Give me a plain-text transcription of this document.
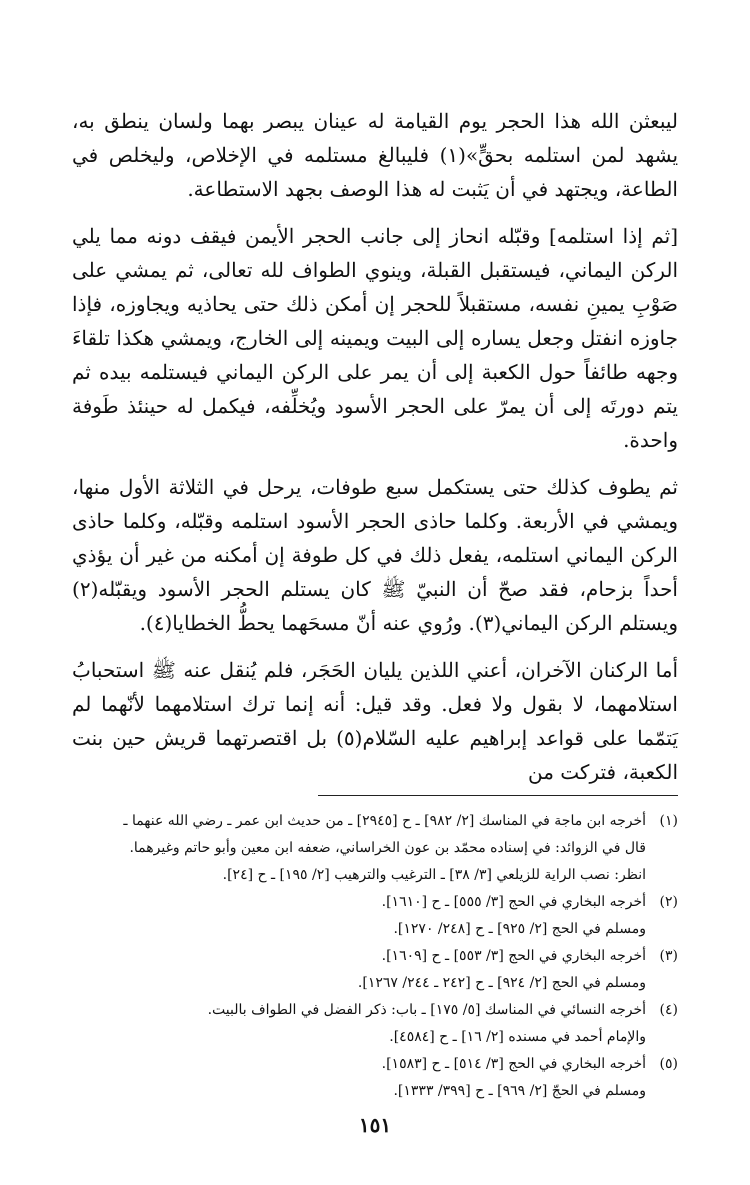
ليبعثن الله هذا الحجر يوم القيامة له عينان يبصر بهما ولسان ينطق به، يشهد لمن استلمه بحقٍّ»(١) فليبالغ مستلمه في الإخلاص، وليخلص في الطاعة، ويجتهد في أن يَثبت له هذا الوصف بجهد الاستطاعة.

[ثم إذا استلمه] وقبّله انحاز إلى جانب الحجر الأيمن فيقف دونه مما يلي الركن اليماني، فيستقبل القبلة، وينوي الطواف لله تعالى، ثم يمشي على صَوْبِ يمينِ نفسه، مستقبلاً للحجر إن أمكن ذلك حتى يحاذيه ويجاوزه، فإذا جاوزه انفتل وجعل يساره إلى البيت ويمينه إلى الخارج، ويمشي هكذا تلقاءَ وجهه طائفاً حول الكعبة إلى أن يمر على الركن اليماني فيستلمه بيده ثم يتم دورتَه إلى أن يمرّ على الحجر الأسود ويُخلِّفه، فيكمل له حينئذ طَوفة واحدة.

ثم يطوف كذلك حتى يستكمل سبع طوفات، يرحل في الثلاثة الأول منها، ويمشي في الأربعة. وكلما حاذى الحجر الأسود استلمه وقبّله، وكلما حاذى الركن اليماني استلمه، يفعل ذلك في كل طوفة إن أمكنه من غير أن يؤذي أحداً بزحام، فقد صحّ أن النبيّ ﷺ كان يستلم الحجر الأسود ويقبّله(٢) ويستلم الركن اليماني(٣). ورُوي عنه أنّ مسحَهما يحطُّ الخطايا(٤).

أما الركنان الآخران، أعني اللذين يليان الحَجَر، فلم يُنقل عنه ﷺ استحبابُ استلامهما، لا بقول ولا فعل. وقد قيل: أنه إنما ترك استلامهما لأنّهما لم يَتمّما على قواعد إبراهيم عليه السّلام(٥) بل اقتصرتهما قريش حين بنت الكعبة، فتركت من

(١)
أخرجه ابن ماجة في المناسك [٢/ ٩٨٢] ـ ح [٢٩٤٥] ـ من حديث ابن عمر ـ رضي الله عنهما ـ
قال في الزوائد: في إسناده محمّد بن عون الخراساني، ضعفه ابن معين وأبو حاتم وغيرهما.
انظر: نصب الراية للزيلعي [٣/ ٣٨] ـ الترغيب والترهيب [٢/ ١٩٥] ـ ح [٢٤].
(٢)
أخرجه البخاري في الحج [٣/ ٥٥٥] ـ ح [١٦١٠].
ومسلم في الحج [٢/ ٩٢٥] ـ ح [٢٤٨/ ١٢٧٠].
(٣)
أخرجه البخاري في الحج [٣/ ٥٥٣] ـ ح [١٦٠٩].
ومسلم في الحج [٢/ ٩٢٤] ـ ح [٢٤٢ ـ ٢٤٤/ ١٢٦٧].
(٤)
أخرجه النسائي في المناسك [٥/ ١٧٥] ـ باب: ذكر الفضل في الطواف بالبيت.
والإمام أحمد في مسنده [٢/ ١٦] ـ ح [٤٥٨٤].
(٥)
أخرجه البخاري في الحج [٣/ ٥١٤] ـ ح [١٥٨٣].
ومسلم في الحجّ [٢/ ٩٦٩] ـ ح [٣٩٩/ ١٣٣٣].
١٥١
